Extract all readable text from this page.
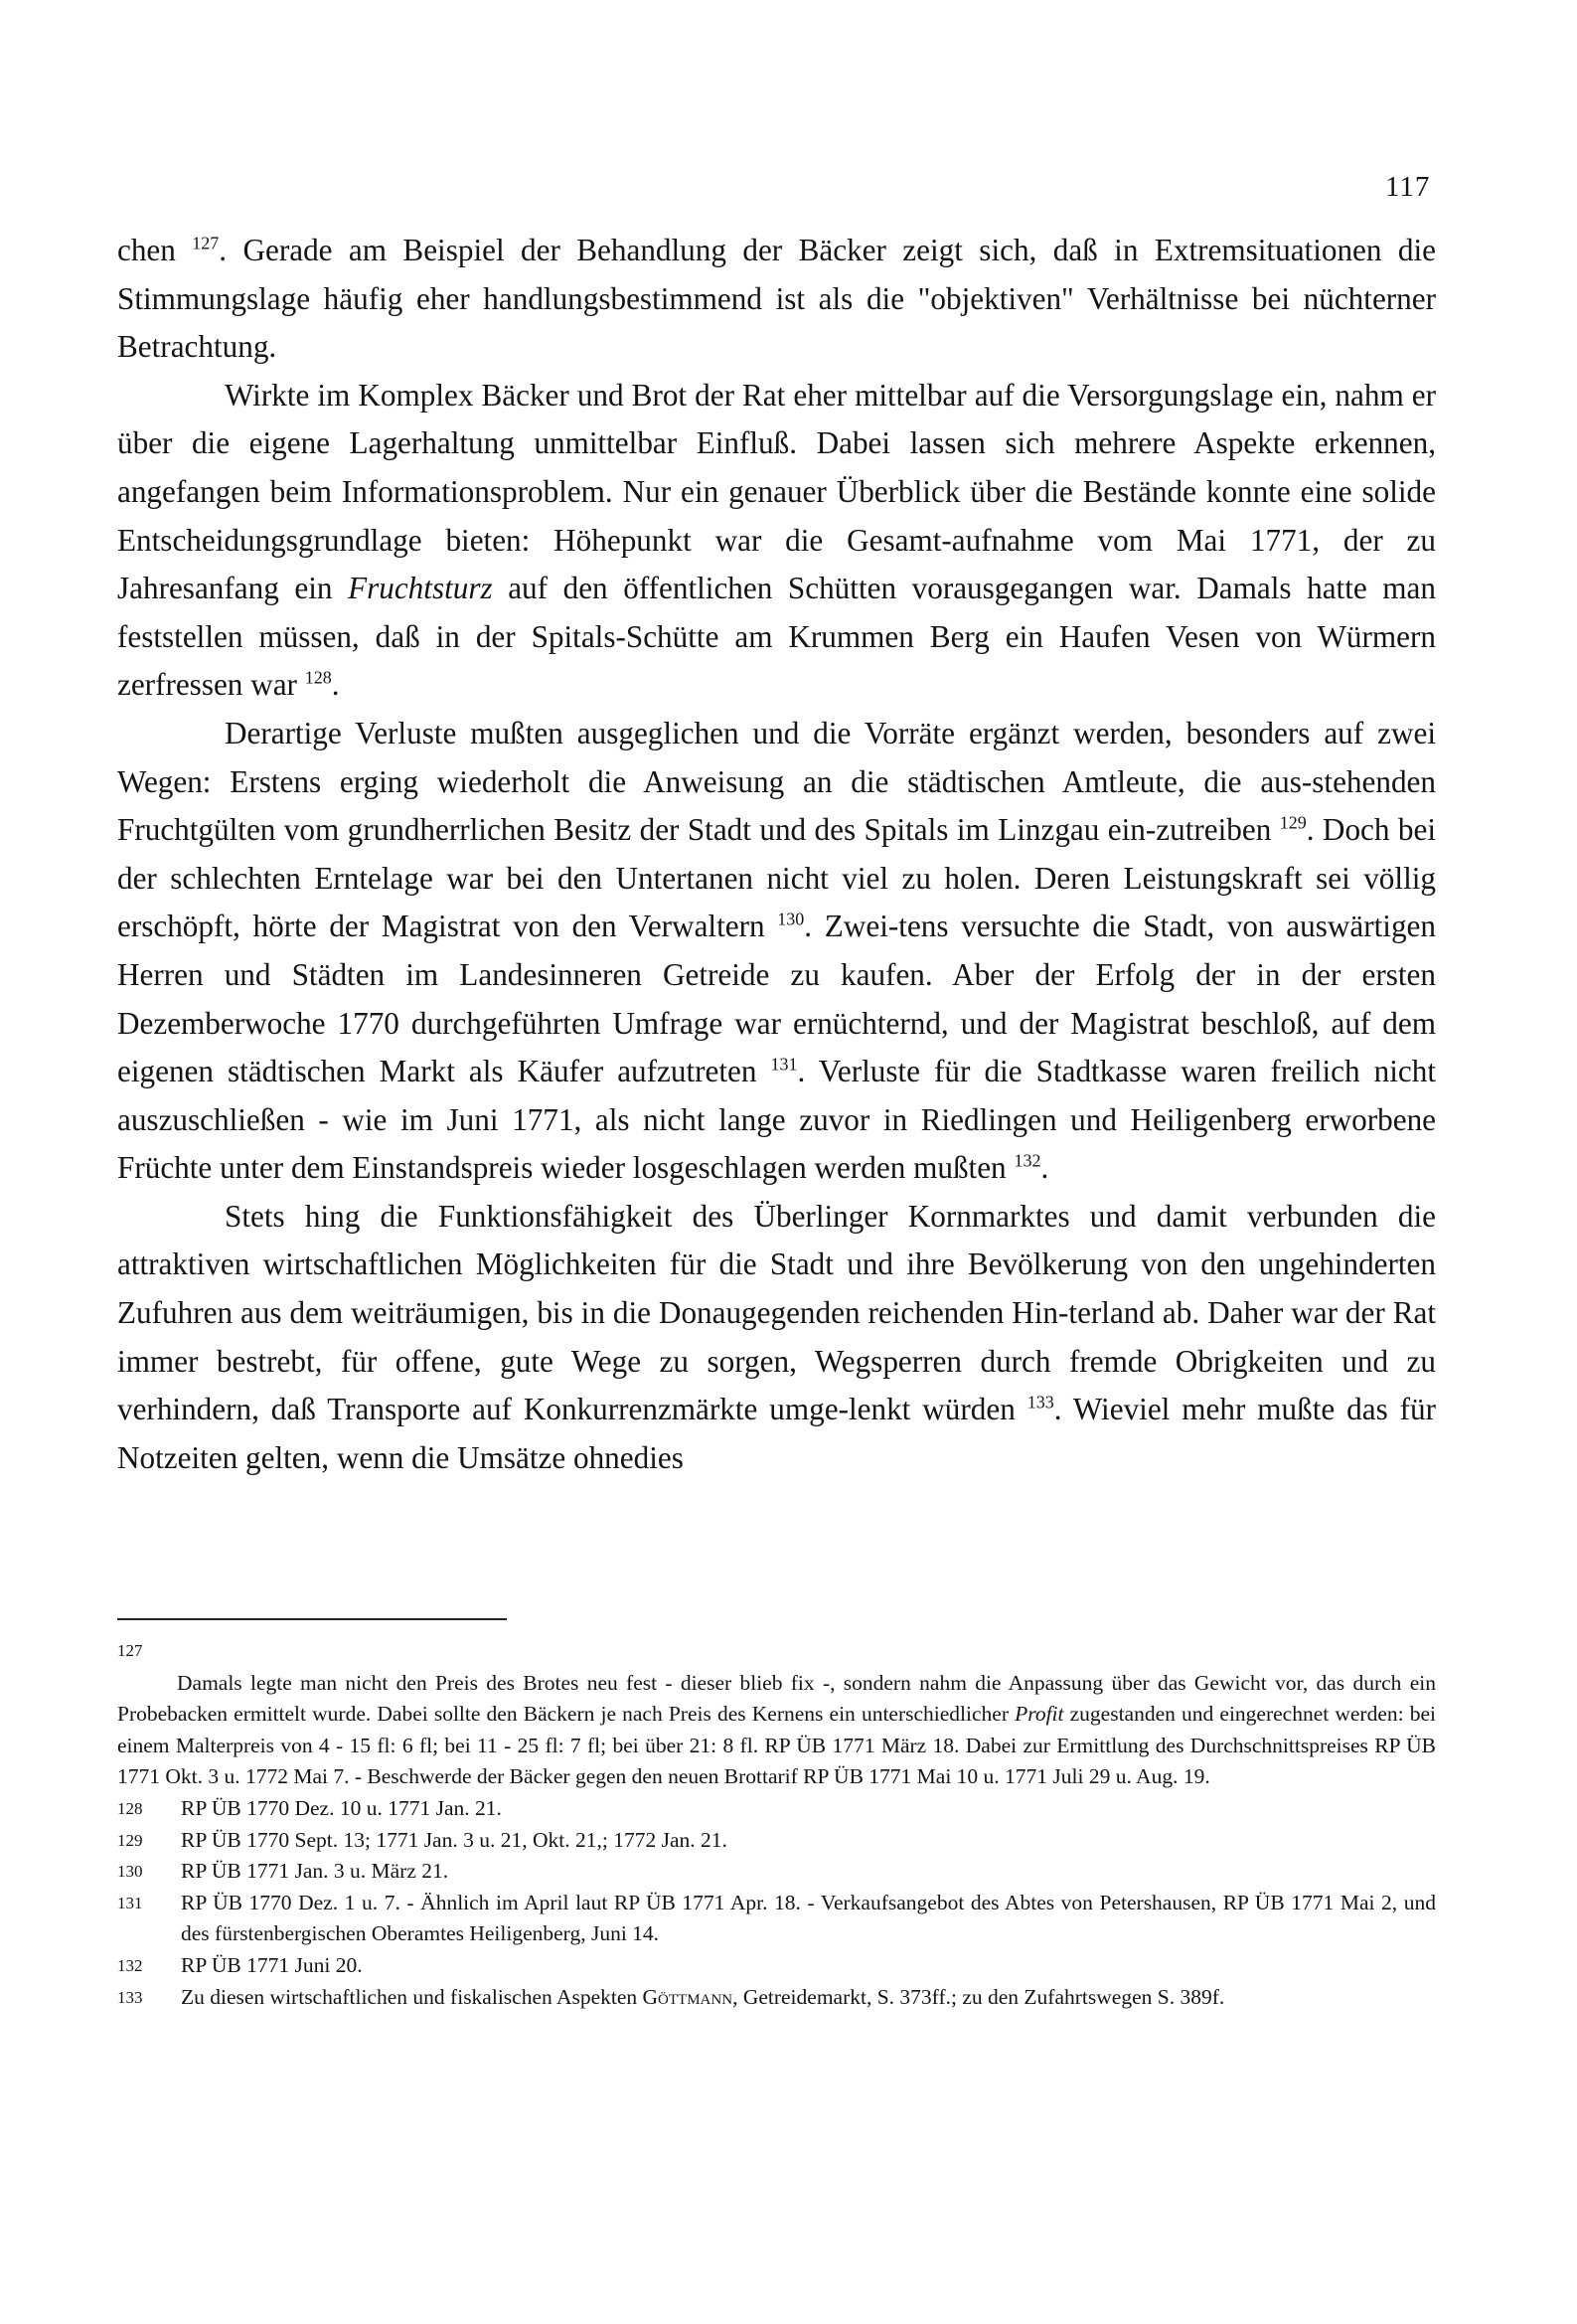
117

chen $^{127}$. Gerade am Beispiel der Behandlung der Bäcker zeigt sich, daß in Extremsituationen die Stimmungslage häufig eher handlungsbestimmend ist als die "objektiven" Verhältnisse bei nüchterner Betrachtung.

Wirkte im Komplex Bäcker und Brot der Rat eher mittelbar auf die Versorgungslage ein, nahm er über die eigene Lagerhaltung unmittelbar Einfluß. Dabei lassen sich mehrere Aspekte erkennen, angefangen beim Informationsproblem. Nur ein genauer Überblick über die Bestände konnte eine solide Entscheidungsgrundlage bieten: Höhepunkt war die Gesamt-aufnahme vom Mai 1771, der zu Jahresanfang ein Fruchtsturz auf den öffentlichen Schütten vorausgegangen war. Damals hatte man feststellen müssen, daß in der Spitals-Schütte am Krummen Berg ein Haufen Vesen von Würmern zerfressen war $^{128}$.

Derartige Verluste mußten ausgeglichen und die Vorräte ergänzt werden, besonders auf zwei Wegen: Erstens erging wiederholt die Anweisung an die städtischen Amtleute, die aus-stehenden Fruchtgülten vom grundherrlichen Besitz der Stadt und des Spitals im Linzgau ein-zutreiben $^{129}$. Doch bei der schlechten Erntelage war bei den Untertanen nicht viel zu holen. Deren Leistungskraft sei völlig erschöpft, hörte der Magistrat von den Verwaltern $^{130}$. Zwei-tens versuchte die Stadt, von auswärtigen Herren und Städten im Landesinneren Getreide zu kaufen. Aber der Erfolg der in der ersten Dezemberwoche 1770 durchgeführten Umfrage war ernüchternd, und der Magistrat beschloß, auf dem eigenen städtischen Markt als Käufer aufzutreten $^{131}$. Verluste für die Stadtkasse waren freilich nicht auszuschließen - wie im Juni 1771, als nicht lange zuvor in Riedlingen und Heiligenberg erworbene Früchte unter dem Einstandspreis wieder losgeschlagen werden mußten $^{132}$.

Stets hing die Funktionsfähigkeit des Überlinger Kornmarktes und damit verbunden die attraktiven wirtschaftlichen Möglichkeiten für die Stadt und ihre Bevölkerung von den ungehinderten Zufuhren aus dem weiträumigen, bis in die Donaugegenden reichenden Hin-terland ab. Daher war der Rat immer bestrebt, für offene, gute Wege zu sorgen, Wegsperren durch fremde Obrigkeiten und zu verhindern, daß Transporte auf Konkurrenzmärkte umge-lenkt würden $^{133}$. Wieviel mehr mußte das für Notzeiten gelten, wenn die Umsätze ohnedies

127
Damals legte man nicht den Preis des Brotes neu fest - dieser blieb fix -, sondern nahm die Anpassung über das Gewicht vor, das durch ein Probebacken ermittelt wurde. Dabei sollte den Bäckern je nach Preis des Kernens ein unterschiedlicher Profit zugestanden und eingerechnet werden: bei einem Malterpreis von 4 - 15 fl: 6 fl; bei 11 - 25 fl: 7 fl; bei über 21: 8 fl. RP ÜB 1771 März 18. Dabei zur Ermittlung des Durchschnittspreises RP ÜB 1771 Okt. 3 u. 1772 Mai 7. - Beschwerde der Bäcker gegen den neuen Brottarif RP ÜB 1771 Mai 10 u. 1771 Juli 29 u. Aug. 19.
128	RP ÜB 1770 Dez. 10 u. 1771 Jan. 21.
129	RP ÜB 1770 Sept. 13; 1771 Jan. 3 u. 21, Okt. 21,; 1772 Jan. 21.
130	RP ÜB 1771 Jan. 3 u. März 21.
131	RP ÜB 1770 Dez. 1 u. 7. - Ähnlich im April laut RP ÜB 1771 Apr. 18. - Verkaufsangebot des Abtes von Petershausen, RP ÜB 1771 Mai 2, und des fürstenbergischen Oberamtes Heiligenberg, Juni 14.
132	RP ÜB 1771 Juni 20.
133	Zu diesen wirtschaftlichen und fiskalischen Aspekten Göttmann, Getreidemarkt, S. 373ff.; zu den Zufahrtswegen S. 389f.
